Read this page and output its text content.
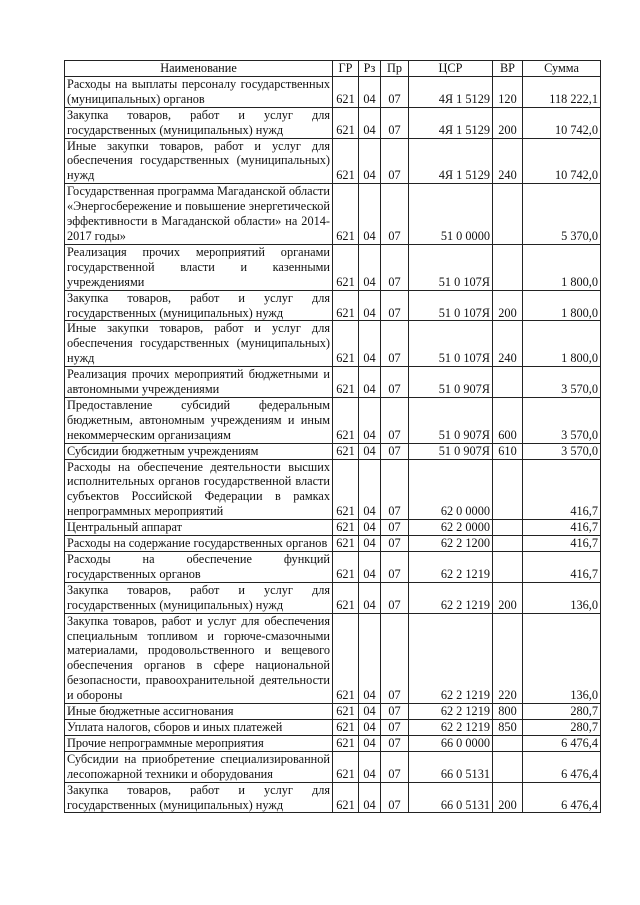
Наименование	ГР	Рз	Пр	ЦСР	ВР	Сумма
Расходы на выплаты персоналу государственных (муниципальных) органов	621	04	07	4Я 1 5129	120	118 222,1
Закупка товаров, работ и услуг для государственных (муниципальных) нужд	621	04	07	4Я 1 5129	200	10 742,0
Иные закупки товаров, работ и услуг для обеспечения государственных (муниципальных) нужд	621	04	07	4Я 1 5129	240	10 742,0
Государственная программа Магаданской области «Энергосбережение и повышение энергетической эффективности в Магаданской области» на 2014-2017 годы»	621	04	07	51 0 0000		5 370,0
Реализация прочих мероприятий органами государственной власти и казенными учреждениями	621	04	07	51 0 107Я		1 800,0
Закупка товаров, работ и услуг для государственных (муниципальных) нужд	621	04	07	51 0 107Я	200	1 800,0
Иные закупки товаров, работ и услуг для обеспечения государственных (муниципальных) нужд	621	04	07	51 0 107Я	240	1 800,0
Реализация прочих мероприятий бюджетными и автономными учреждениями	621	04	07	51 0 907Я		3 570,0
Предоставление субсидий федеральным бюджетным, автономным учреждениям и иным некоммерческим организациям	621	04	07	51 0 907Я	600	3 570,0
Субсидии бюджетным учреждениям	621	04	07	51 0 907Я	610	3 570,0
Расходы на обеспечение деятельности высших исполнительных органов государственной власти субъектов Российской Федерации в рамках непрограммных мероприятий	621	04	07	62 0 0000		416,7
Центральный аппарат	621	04	07	62 2 0000		416,7
Расходы на содержание государственных органов	621	04	07	62 2 1200		416,7
Расходы на обеспечение функций государственных органов	621	04	07	62 2 1219		416,7
Закупка товаров, работ и услуг для государственных (муниципальных) нужд	621	04	07	62 2 1219	200	136,0
Закупка товаров, работ и услуг для обеспечения специальным топливом и горюче-смазочными материалами, продовольственного и вещевого обеспечения органов в сфере национальной безопасности, правоохранительной деятельности и обороны	621	04	07	62 2 1219	220	136,0
Иные бюджетные ассигнования	621	04	07	62 2 1219	800	280,7
Уплата налогов, сборов и иных платежей	621	04	07	62 2 1219	850	280,7
Прочие непрограммные мероприятия	621	04	07	66 0 0000		6 476,4
Субсидии на приобретение специализированной лесопожарной техники и оборудования	621	04	07	66 0 5131		6 476,4
Закупка товаров, работ и услуг для государственных (муниципальных) нужд	621	04	07	66 0 5131	200	6 476,4
